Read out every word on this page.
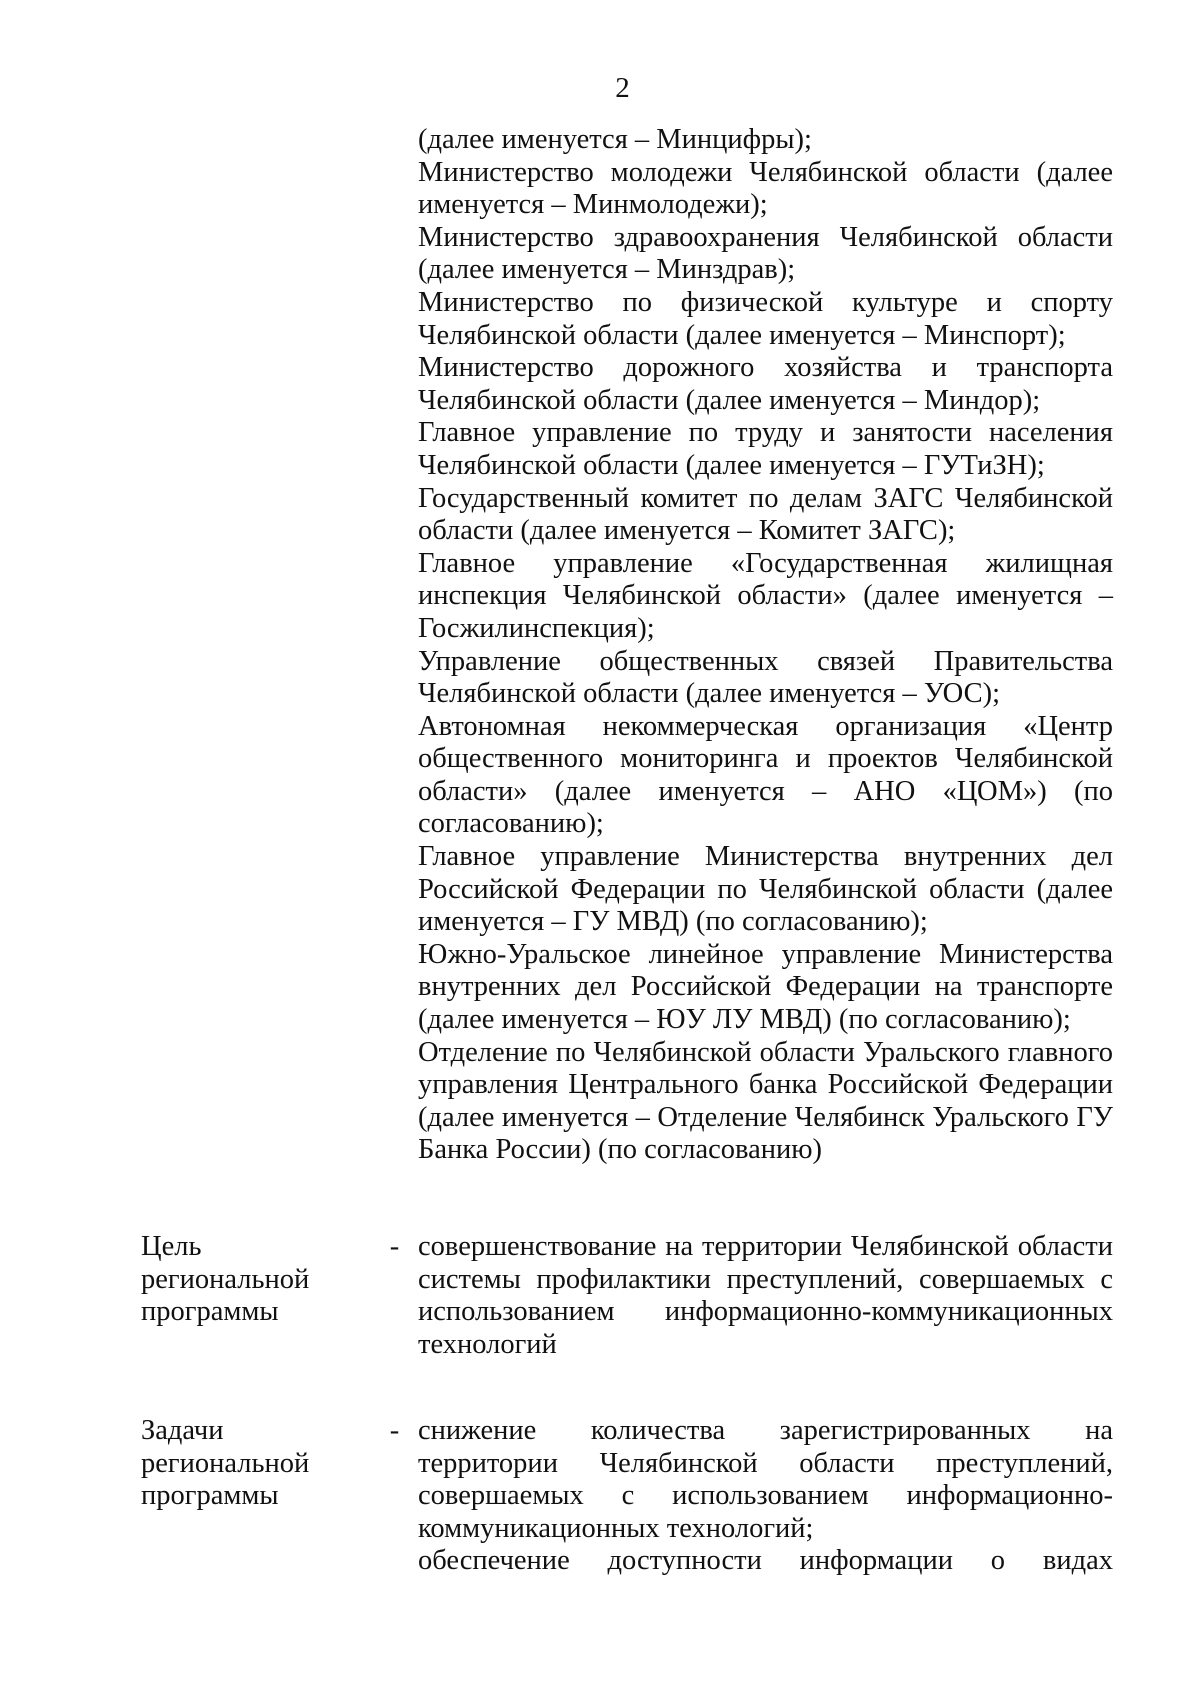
2
(далее именуется – Минцифры);
Министерство молодежи Челябинской области (далее именуется – Минмолодежи);
Министерство здравоохранения Челябинской области (далее именуется – Минздрав);
Министерство по физической культуре и спорту Челябинской области (далее именуется – Минспорт);
Министерство дорожного хозяйства и транспорта Челябинской области (далее именуется – Миндор);
Главное управление по труду и занятости населения Челябинской области (далее именуется – ГУТиЗН);
Государственный комитет по делам ЗАГС Челябинской области (далее именуется – Комитет ЗАГС);
Главное управление «Государственная жилищная инспекция Челябинской области» (далее именуется – Госжилинспекция);
Управление общественных связей Правительства Челябинской области (далее именуется – УОС);
Автономная некоммерческая организация «Центр общественного мониторинга и проектов Челябинской области» (далее именуется – АНО «ЦОМ») (по согласованию);
Главное управление Министерства внутренних дел Российской Федерации по Челябинской области (далее именуется – ГУ МВД) (по согласованию);
Южно-Уральское линейное управление Министерства внутренних дел Российской Федерации на транспорте (далее именуется – ЮУ ЛУ МВД) (по согласованию);
Отделение по Челябинской области Уральского главного управления Центрального банка Российской Федерации (далее именуется – Отделение Челябинск Уральского ГУ Банка России) (по согласованию)

Цель региональной программы

- совершенствование на территории Челябинской области системы профилактики преступлений, совершаемых с использованием информационно-коммуникационных технологий

Задачи региональной программы

- снижение количества зарегистрированных на территории Челябинской области преступлений, совершаемых с использованием информационно-коммуникационных технологий;
обеспечение доступности информации о видах
